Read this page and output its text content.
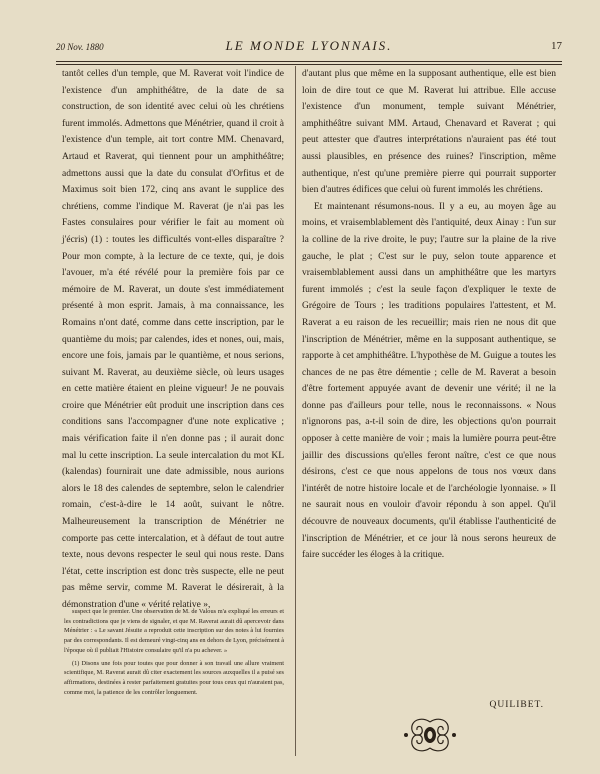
20 Nov. 1880	LE MONDE LYONNAIS.	17

tantôt celles d'un temple, que M. Raverat voit l'indice de l'existence d'un amphithéâtre, de la date de sa construction, de son identité avec celui où les chrétiens furent immolés. Admettons que Ménétrier, quand il croit à l'existence d'un temple, ait tort contre MM. Chenavard, Artaud et Raverat, qui tiennent pour un amphithéâtre; admettons aussi que la date du consulat d'Orfitus et de Maximus soit bien 172, cinq ans avant le supplice des chrétiens, comme l'indique M. Raverat (je n'ai pas les Fastes consulaires pour vérifier le fait au moment où j'écris) (1) : toutes les difficultés vont-elles disparaître ? Pour mon compte, à la lecture de ce texte, qui, je dois l'avouer, m'a été révélé pour la première fois par ce mémoire de M. Raverat, un doute s'est immédiatement présenté à mon esprit. Jamais, à ma connaissance, les Romains n'ont daté, comme dans cette inscription, par le quantième du mois; par calendes, ides et nones, oui, mais, encore une fois, jamais par le quantième, et nous serions, suivant M. Raverat, au deuxième siècle, où leurs usages en cette matière étaient en pleine vigueur! Je ne pouvais croire que Ménétrier eût produit une inscription dans ces conditions sans l'accompagner d'une note explicative ; mais vérification faite il n'en donne pas ; il aurait donc mal lu cette inscription. La seule intercalation du mot KL (kalendas) fournirait une date admissible, nous aurions alors le 18 des calendes de septembre, selon le calendrier romain, c'est-à-dire le 14 août, suivant le nôtre. Malheureusement la transcription de Ménétrier ne comporte pas cette intercalation, et à défaut de tout autre texte, nous devons respecter le seul qui nous reste. Dans l'état, cette inscription est donc très suspecte, elle ne peut pas même servir, comme M. Raverat le désirerait, à la démonstration d'une « vérité relative »,

suspect que le premier. Une observation de M. de Valous m'a expliqué les erreurs et les contradictions que je viens de signaler, et que M. Raverat aurait dû apercevoir dans Ménétrier : « Le savant Jésuite a reproduit cette inscription sur des notes à lui fournies par des correspondants. Il est demeuré vingt-cinq ans en dehors de Lyon, précisément à l'époque où il publiait l'Histoire consulaire qu'il n'a pu achever. »

(1) Disons une fois pour toutes que pour donner à son travail une allure vraiment scientifique, M. Raverat aurait dû citer exactement les sources auxquelles il a puisé ses affirmations, destinées à rester parfaitement gratuites pour tous ceux qui n'auraient pas, comme moi, la patience de les contrôler longuement.

d'autant plus que même en la supposant authentique, elle est bien loin de dire tout ce que M. Raverat lui attribue. Elle accuse l'existence d'un monument, temple suivant Ménétrier, amphithéâtre suivant MM. Artaud, Chenavard et Raverat ; qui peut attester que d'autres interprétations n'auraient pas été tout aussi plausibles, en présence des ruines? l'inscription, même authentique, n'est qu'une première pierre qui pourrait supporter bien d'autres édifices que celui où furent immolés les chrétiens.

Et maintenant résumons-nous. Il y a eu, au moyen âge au moins, et vraisemblablement dès l'antiquité, deux Ainay : l'un sur la colline de la rive droite, le puy; l'autre sur la plaine de la rive gauche, le plat ; C'est sur le puy, selon toute apparence et vraisemblablement aussi dans un amphithéâtre que les martyrs furent immolés ; c'est la seule façon d'expliquer le texte de Grégoire de Tours ; les traditions populaires l'attestent, et M. Raverat a eu raison de les recueillir; mais rien ne nous dit que l'inscription de Ménétrier, même en la supposant authentique, se rapporte à cet amphithéâtre. L'hypothèse de M. Guigue a toutes les chances de ne pas être démentie ; celle de M. Raverat a besoin d'être fortement appuyée avant de devenir une vérité; il ne la donne pas d'ailleurs pour telle, nous le reconnaissons. « Nous n'ignorons pas, a-t-il soin de dire, les objections qu'on pourrait opposer à cette manière de voir ; mais la lumière pourra peut-être jaillir des discussions qu'elles feront naître, c'est ce que nous désirons, c'est ce que nous appelons de tous nos vœux dans l'intérêt de notre histoire locale et de l'archéologie lyonnaise. » Il ne saurait nous en vouloir d'avoir répondu à son appel. Qu'il découvre de nouveaux documents, qu'il établisse l'authenticité de l'inscription de Ménétrier, et ce jour là nous serons heureux de faire succéder les éloges à la critique.

QUILIBET.
